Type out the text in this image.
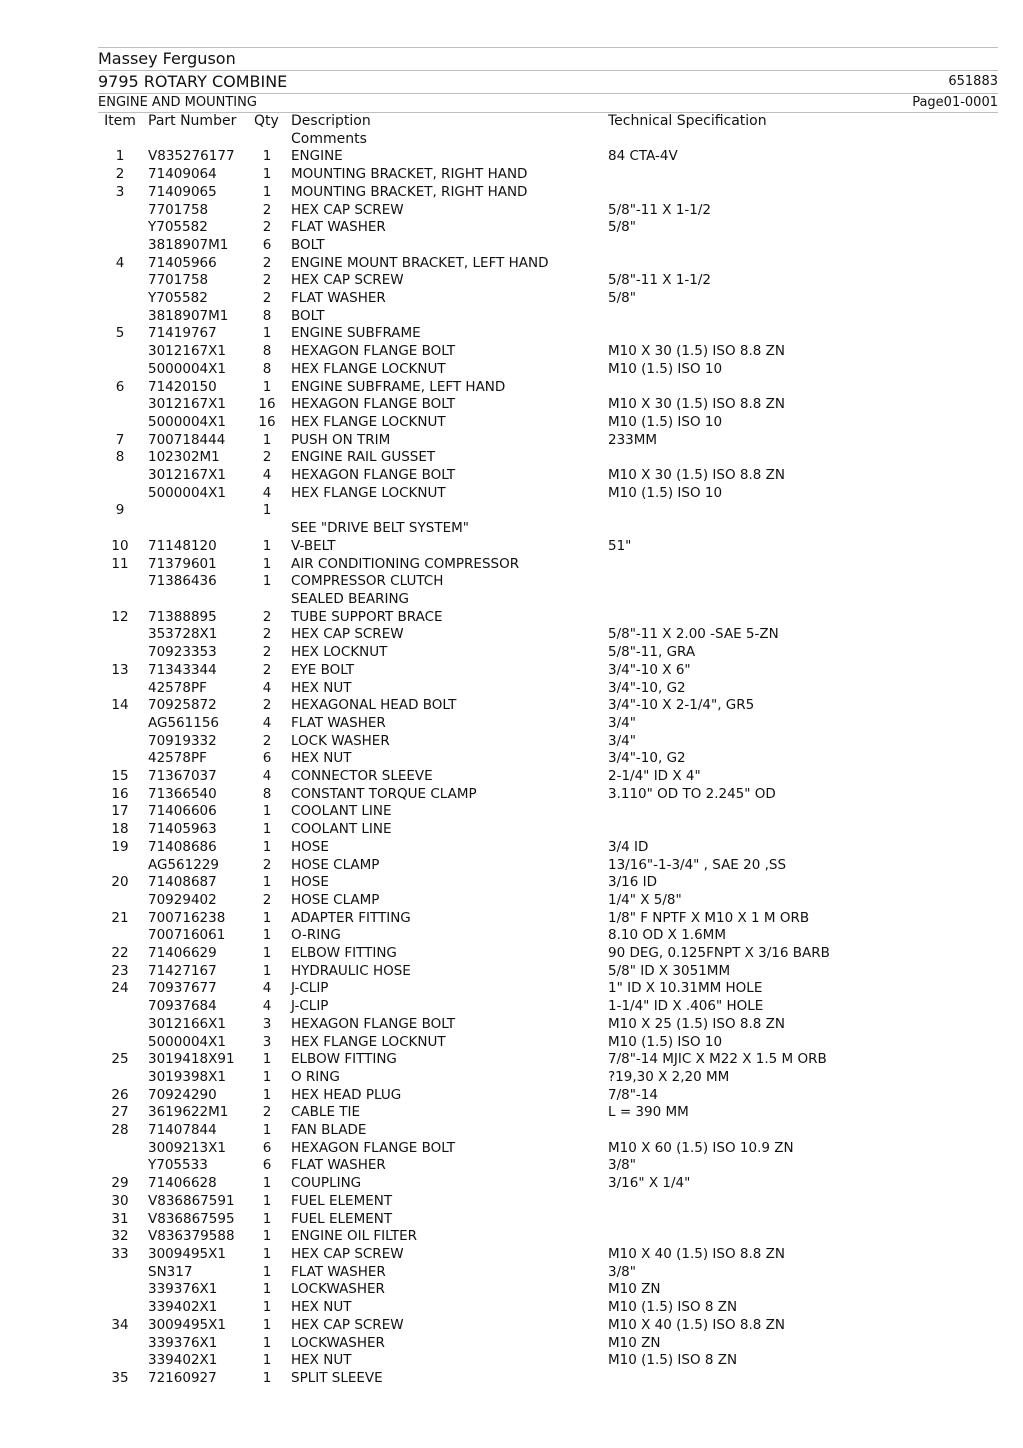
Massey Ferguson
9795 ROTARY COMBINE	651883
ENGINE AND MOUNTING	Page01-0001
Item	Part Number	Qty	Description	Technical Specification
			Comments	
1	V835276177	1	ENGINE	84 CTA-4V
2	71409064	1	MOUNTING BRACKET, RIGHT HAND	
3	71409065	1	MOUNTING BRACKET, RIGHT HAND	
	7701758	2	HEX CAP SCREW	5/8"-11 X 1-1/2
	Y705582	2	FLAT WASHER	5/8"
	3818907M1	6	BOLT	
4	71405966	2	ENGINE MOUNT BRACKET, LEFT HAND	
	7701758	2	HEX CAP SCREW	5/8"-11 X 1-1/2
	Y705582	2	FLAT WASHER	5/8"
	3818907M1	8	BOLT	
5	71419767	1	ENGINE SUBFRAME	
	3012167X1	8	HEXAGON FLANGE BOLT	M10 X 30 (1.5) ISO 8.8 ZN
	5000004X1	8	HEX FLANGE LOCKNUT	M10 (1.5) ISO 10
6	71420150	1	ENGINE SUBFRAME, LEFT HAND	
	3012167X1	16	HEXAGON FLANGE BOLT	M10 X 30 (1.5) ISO 8.8 ZN
	5000004X1	16	HEX FLANGE LOCKNUT	M10 (1.5) ISO 10
7	700718444	1	PUSH ON TRIM	233MM
8	102302M1	2	ENGINE RAIL GUSSET	
	3012167X1	4	HEXAGON FLANGE BOLT	M10 X 30 (1.5) ISO 8.8 ZN
	5000004X1	4	HEX FLANGE LOCKNUT	M10 (1.5) ISO 10
9		1		
			SEE "DRIVE BELT SYSTEM"	
10	71148120	1	V-BELT	51"
11	71379601	1	AIR CONDITIONING COMPRESSOR	
	71386436	1	COMPRESSOR CLUTCH	
			SEALED BEARING	
12	71388895	2	TUBE SUPPORT BRACE	
	353728X1	2	HEX CAP SCREW	5/8"-11 X 2.00 -SAE 5-ZN
	70923353	2	HEX LOCKNUT	5/8"-11, GRA
13	71343344	2	EYE BOLT	3/4"-10 X 6"
	42578PF	4	HEX NUT	3/4"-10, G2
14	70925872	2	HEXAGONAL HEAD BOLT	3/4"-10 X 2-1/4", GR5
	AG561156	4	FLAT WASHER	3/4"
	70919332	2	LOCK WASHER	3/4"
	42578PF	6	HEX NUT	3/4"-10, G2
15	71367037	4	CONNECTOR SLEEVE	2-1/4" ID X 4"
16	71366540	8	CONSTANT TORQUE CLAMP	3.110" OD TO 2.245" OD
17	71406606	1	COOLANT LINE	
18	71405963	1	COOLANT LINE	
19	71408686	1	HOSE	3/4 ID
	AG561229	2	HOSE CLAMP	13/16"-1-3/4" , SAE 20 ,SS
20	71408687	1	HOSE	3/16 ID
	70929402	2	HOSE CLAMP	1/4" X 5/8"
21	700716238	1	ADAPTER FITTING	1/8" F NPTF X M10 X 1 M ORB
	700716061	1	O-RING	8.10 OD X 1.6MM
22	71406629	1	ELBOW FITTING	90 DEG, 0.125FNPT X 3/16 BARB
23	71427167	1	HYDRAULIC HOSE	5/8" ID X 3051MM
24	70937677	4	J-CLIP	1" ID X 10.31MM HOLE
	70937684	4	J-CLIP	1-1/4" ID X .406" HOLE
	3012166X1	3	HEXAGON FLANGE BOLT	M10 X 25 (1.5) ISO 8.8 ZN
	5000004X1	3	HEX FLANGE LOCKNUT	M10 (1.5) ISO 10
25	3019418X91	1	ELBOW FITTING	7/8"-14 MJIC X M22 X 1.5 M ORB
	3019398X1	1	O RING	?19,30 X 2,20 MM
26	70924290	1	HEX HEAD PLUG	7/8"-14
27	3619622M1	2	CABLE TIE	L = 390 MM
28	71407844	1	FAN BLADE	
	3009213X1	6	HEXAGON FLANGE BOLT	M10 X 60 (1.5) ISO 10.9 ZN
	Y705533	6	FLAT WASHER	3/8"
29	71406628	1	COUPLING	3/16" X 1/4"
30	V836867591	1	FUEL ELEMENT	
31	V836867595	1	FUEL ELEMENT	
32	V836379588	1	ENGINE OIL FILTER	
33	3009495X1	1	HEX CAP SCREW	M10 X 40 (1.5) ISO 8.8 ZN
	SN317	1	FLAT WASHER	3/8"
	339376X1	1	LOCKWASHER	M10 ZN
	339402X1	1	HEX NUT	M10 (1.5) ISO 8 ZN
34	3009495X1	1	HEX CAP SCREW	M10 X 40 (1.5) ISO 8.8 ZN
	339376X1	1	LOCKWASHER	M10 ZN
	339402X1	1	HEX NUT	M10 (1.5) ISO 8 ZN
35	72160927	1	SPLIT SLEEVE	
